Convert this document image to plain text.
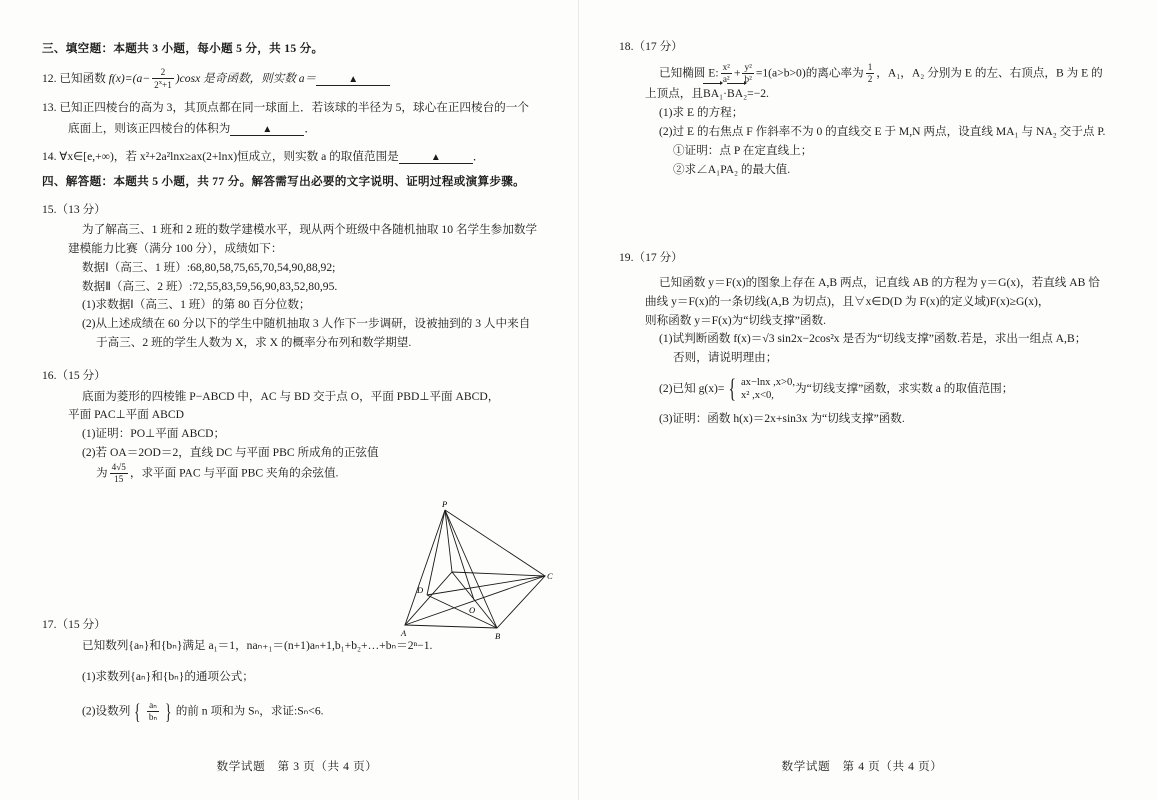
三、填空题：本题共 3 小题，每小题 5 分，共 15 分。
12. 已知函数 $f(x)=(a- \frac{2}{2^x+1} )\cos x$ 是奇函数，则实数 a＝	▲
13. 已知正四棱台的高为 3，其顶点都在同一球面上．若该球的半径为 5，球心在正四棱台的一个
底面上，则该正四棱台的体积为	▲	．
14. ∀x∈[e,+∞)，若 x²+2a²lnx≥ax(2+lnx)恒成立，则实数 a 的取值范围是	▲	．
四、解答题：本题共 5 小题，共 77 分。解答需写出必要的文字说明、证明过程或演算步骤。
15.（13 分）
为了解高三、1 班和 2 班的数学建模水平，现从两个班级中各随机抽取 10 名学生参加数学
建模能力比赛（满分 100 分），成绩如下：
数据Ⅰ（高三、1 班）:68,80,58,75,65,70,54,90,88,92;
数据Ⅱ（高三、2 班）:72,55,83,59,56,90,83,52,80,95.
(1)求数据Ⅰ（高三、1 班）的第 80 百分位数；
(2)从上述成绩在 60 分以下的学生中随机抽取 3 人作下一步调研，设被抽到的 3 人中来自
于高三、2 班的学生人数为 X，求 X 的概率分布列和数学期望.
16.（15 分）
底面为菱形的四棱锥 P−ABCD 中，AC 与 BD 交于点 O，平面 PBD⊥平面 ABCD，
平面 PAC⊥平面 ABCD
(1)证明：PO⊥平面 ABCD；
(2)若 OA＝2OD＝2，直线 DC 与平面 PBC 所成角的正弦值
为 $\frac{4√5}{15}$ ，求平面 PAC 与平面 PBC 夹角的余弦值.
P
C
D
O
A	B
17.（15 分）
已知数列{aₙ}和{bₙ}满足 a₁＝1，naₙ₊₁＝(n+1)aₙ+1,b₁+b₂+…+bₙ＝2ⁿ−1.
(1)求数列{aₙ}和{bₙ}的通项公式；
(2)设数列 { $\frac{\text{aₙ}}{\text{bₙ}}$ } 的前 n 项和为 Sₙ，求证:Sₙ<6.
数学试题　第 3 页（共 4 页）
18.（17 分）
已知椭圆 E: $\frac{\text{x²}}{\text{a²}} + \frac{\text{y²}}{\text{b²}} =1(a>b>0)$的离心率为 $\frac{1}{2}$ ，A₁，A₂ 分别为 E 的左、右顶点，B 为 E 的
上顶点，且BA₁·BA₂=−2.
(1)求 E 的方程；
(2)过 E 的右焦点 F 作斜率不为 0 的直线交 E 于 M,N 两点，设直线 MA₁ 与 NA₂ 交于点 P.
①证明：点 P 在定直线上；
②求∠A₁PA₂ 的最大值.
19.（17 分）
已知函数 y＝F(x)的图象上存在 A,B 两点，记直线 AB 的方程为 y＝G(x)，若直线 AB 恰
曲线 y＝F(x)的一条切线(A,B 为切点)，且∀x∈D(D 为 F(x)的定义域)F(x)≥G(x)，
则称函数 y＝F(x)为“切线支撑”函数.
(1)试判断函数 f(x)＝√3 sin2x−2cos²x 是否为“切线支撑”函数.若是，求出一组点 A,B；
否则，请说明理由；
(2)已知 g(x)= { ax−lnx ,x>0,
x² ,x<0,
为“切线支撑”函数，求实数 a 的取值范围；
(3)证明：函数 h(x)＝2x+sin3x 为“切线支撑”函数.
数学试题　第 4 页（共 4 页）
